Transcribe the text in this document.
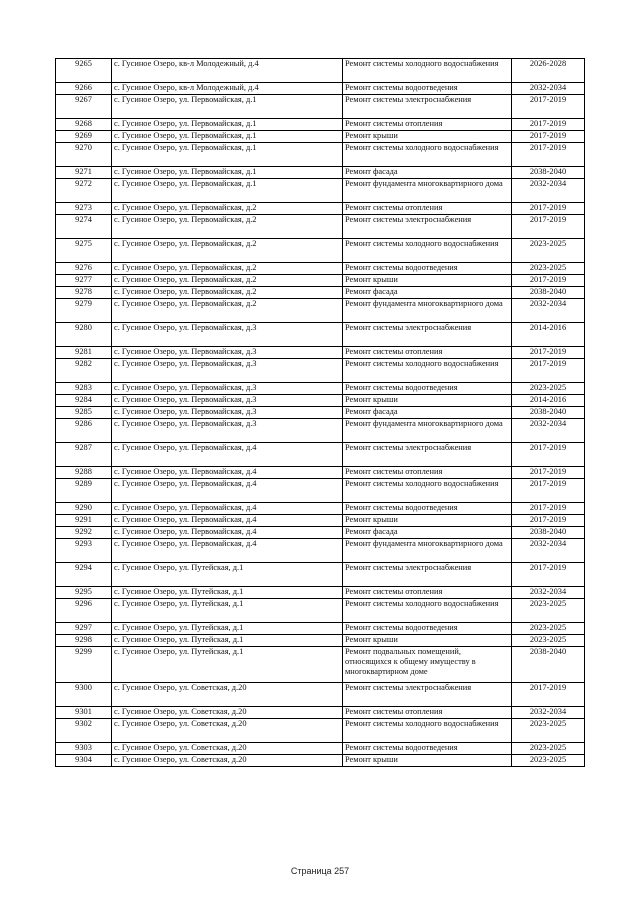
9265	с. Гусиное Озеро, кв-л Молодежный, д.4	Ремонт системы холодного водоснабжения	2026-2028
9266	с. Гусиное Озеро, кв-л Молодежный, д.4	Ремонт системы водоотведения	2032-2034
9267	с. Гусиное Озеро, ул. Первомайская, д.1	Ремонт системы электроснабжения	2017-2019
9268	с. Гусиное Озеро, ул. Первомайская, д.1	Ремонт системы отопления	2017-2019
9269	с. Гусиное Озеро, ул. Первомайская, д.1	Ремонт крыши	2017-2019
9270	с. Гусиное Озеро, ул. Первомайская, д.1	Ремонт системы холодного водоснабжения	2017-2019
9271	с. Гусиное Озеро, ул. Первомайская, д.1	Ремонт фасада	2038-2040
9272	с. Гусиное Озеро, ул. Первомайская, д.1	Ремонт фундамента многоквартирного дома	2032-2034
9273	с. Гусиное Озеро, ул. Первомайская, д.2	Ремонт системы отопления	2017-2019
9274	с. Гусиное Озеро, ул. Первомайская, д.2	Ремонт системы электроснабжения	2017-2019
9275	с. Гусиное Озеро, ул. Первомайская, д.2	Ремонт системы холодного водоснабжения	2023-2025
9276	с. Гусиное Озеро, ул. Первомайская, д.2	Ремонт системы водоотведения	2023-2025
9277	с. Гусиное Озеро, ул. Первомайская, д.2	Ремонт крыши	2017-2019
9278	с. Гусиное Озеро, ул. Первомайская, д.2	Ремонт фасада	2038-2040
9279	с. Гусиное Озеро, ул. Первомайская, д.2	Ремонт фундамента многоквартирного дома	2032-2034
9280	с. Гусиное Озеро, ул. Первомайская, д.3	Ремонт системы электроснабжения	2014-2016
9281	с. Гусиное Озеро, ул. Первомайская, д.3	Ремонт системы отопления	2017-2019
9282	с. Гусиное Озеро, ул. Первомайская, д.3	Ремонт системы холодного водоснабжения	2017-2019
9283	с. Гусиное Озеро, ул. Первомайская, д.3	Ремонт системы водоотведения	2023-2025
9284	с. Гусиное Озеро, ул. Первомайская, д.3	Ремонт крыши	2014-2016
9285	с. Гусиное Озеро, ул. Первомайская, д.3	Ремонт фасада	2038-2040
9286	с. Гусиное Озеро, ул. Первомайская, д.3	Ремонт фундамента многоквартирного дома	2032-2034
9287	с. Гусиное Озеро, ул. Первомайская, д.4	Ремонт системы электроснабжения	2017-2019
9288	с. Гусиное Озеро, ул. Первомайская, д.4	Ремонт системы отопления	2017-2019
9289	с. Гусиное Озеро, ул. Первомайская, д.4	Ремонт системы холодного водоснабжения	2017-2019
9290	с. Гусиное Озеро, ул. Первомайская, д.4	Ремонт системы водоотведения	2017-2019
9291	с. Гусиное Озеро, ул. Первомайская, д.4	Ремонт крыши	2017-2019
9292	с. Гусиное Озеро, ул. Первомайская, д.4	Ремонт фасада	2038-2040
9293	с. Гусиное Озеро, ул. Первомайская, д.4	Ремонт фундамента многоквартирного дома	2032-2034
9294	с. Гусиное Озеро, ул. Путейская, д.1	Ремонт системы электроснабжения	2017-2019
9295	с. Гусиное Озеро, ул. Путейская, д.1	Ремонт системы отопления	2032-2034
9296	с. Гусиное Озеро, ул. Путейская, д.1	Ремонт системы холодного водоснабжения	2023-2025
9297	с. Гусиное Озеро, ул. Путейская, д.1	Ремонт системы водоотведения	2023-2025
9298	с. Гусиное Озеро, ул. Путейская, д.1	Ремонт крыши	2023-2025
9299	с. Гусиное Озеро, ул. Путейская, д.1	Ремонт подвальных помещений, относящихся к общему имуществу в многоквартирном доме	2038-2040
9300	с. Гусиное Озеро, ул. Советская, д.20	Ремонт системы электроснабжения	2017-2019
9301	с. Гусиное Озеро, ул. Советская, д.20	Ремонт системы отопления	2032-2034
9302	с. Гусиное Озеро, ул. Советская, д.20	Ремонт системы холодного водоснабжения	2023-2025
9303	с. Гусиное Озеро, ул. Советская, д.20	Ремонт системы водоотведения	2023-2025
9304	с. Гусиное Озеро, ул. Советская, д.20	Ремонт крыши	2023-2025
Страница 257
